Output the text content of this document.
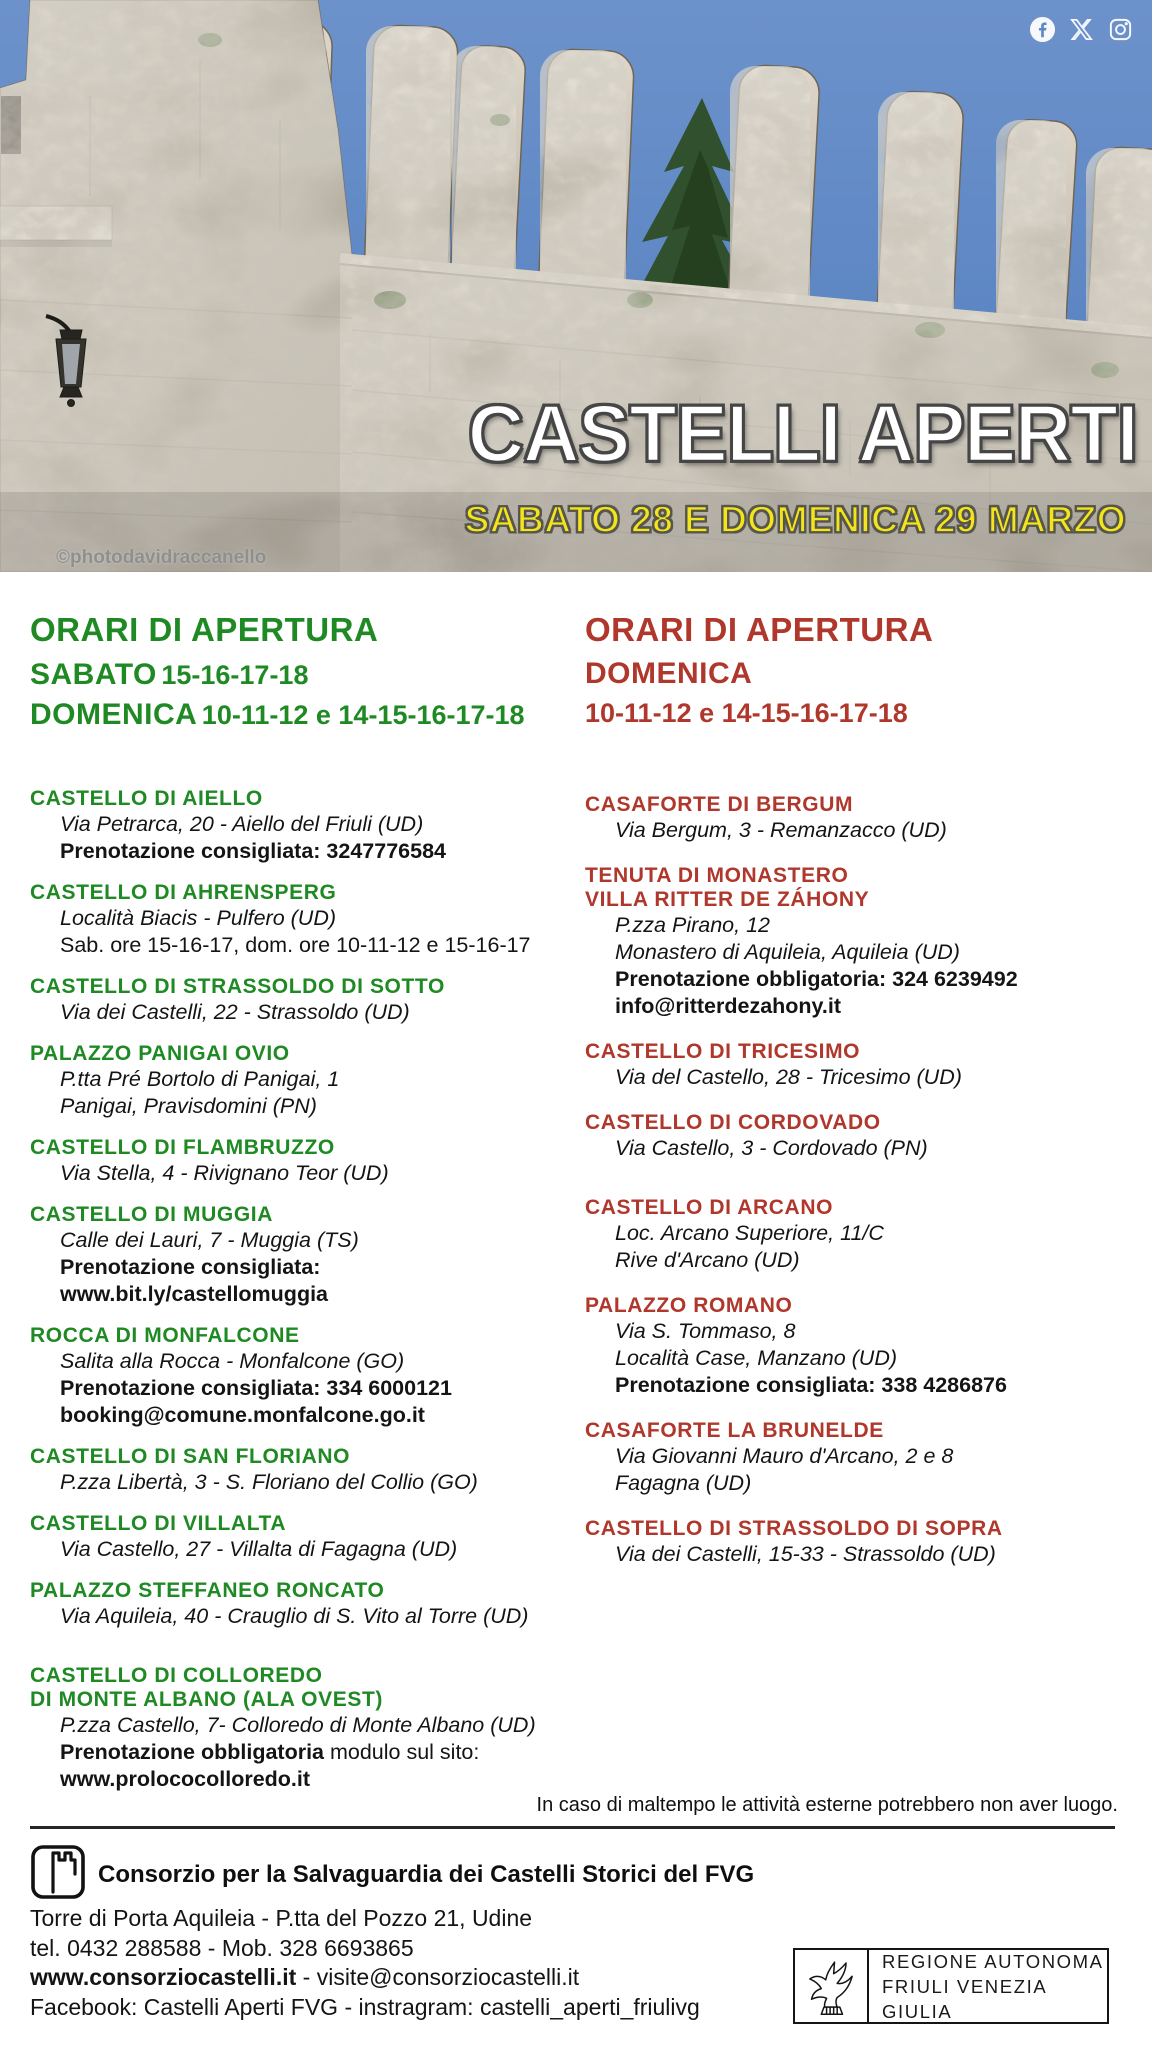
CASTELLI APERTI
SABATO 28 E DOMENICA 29 MARZO
©photodavidraccanello
ORARI DI APERTURA
SABATO 15-16-17-18
DOMENICA 10-11-12 e 14-15-16-17-18
CASTELLO DI AIELLO
Via Petrarca, 20 - Aiello del Friuli (UD)
Prenotazione consigliata: 3247776584
CASTELLO DI AHRENSPERG
Località Biacis - Pulfero (UD)
Sab. ore 15-16-17, dom. ore 10-11-12 e 15-16-17
CASTELLO DI STRASSOLDO DI SOTTO
Via dei Castelli, 22 - Strassoldo (UD)
PALAZZO PANIGAI OVIO
P.tta Pré Bortolo di Panigai, 1
Panigai, Pravisdomini (PN)
CASTELLO DI FLAMBRUZZO
Via Stella, 4 - Rivignano Teor (UD)
CASTELLO DI MUGGIA
Calle dei Lauri, 7 - Muggia (TS)
Prenotazione consigliata:
www.bit.ly/castellomuggia
ROCCA DI MONFALCONE
Salita alla Rocca - Monfalcone (GO)
Prenotazione consigliata: 334 6000121
booking@comune.monfalcone.go.it
CASTELLO DI SAN FLORIANO
P.zza Libertà, 3 - S. Floriano del Collio (GO)
CASTELLO DI VILLALTA
Via Castello, 27 - Villalta di Fagagna (UD)
PALAZZO STEFFANEO RONCATO
Via Aquileia, 40 - Crauglio di S. Vito al Torre (UD)
CASTELLO DI COLLOREDO
DI MONTE ALBANO (ALA OVEST)
P.zza Castello, 7- Colloredo di Monte Albano (UD)
Prenotazione obbligatoria modulo sul sito:
www.prolococolloredo.it
ORARI DI APERTURA
DOMENICA
10-11-12 e 14-15-16-17-18
CASAFORTE DI BERGUM
Via Bergum, 3 - Remanzacco (UD)
TENUTA DI MONASTERO
VILLA RITTER DE ZÁHONY
P.zza Pirano, 12
Monastero di Aquileia, Aquileia (UD)
Prenotazione obbligatoria: 324 6239492
info@ritterdezahony.it
CASTELLO DI TRICESIMO
Via del Castello, 28 - Tricesimo (UD)
CASTELLO DI CORDOVADO
Via Castello, 3 - Cordovado (PN)
CASTELLO DI ARCANO
Loc. Arcano Superiore, 11/C
Rive d'Arcano (UD)
PALAZZO ROMANO
Via S. Tommaso, 8
Località Case, Manzano (UD)
Prenotazione consigliata: 338 4286876
CASAFORTE LA BRUNELDE
Via Giovanni Mauro d'Arcano, 2 e 8
Fagagna (UD)
CASTELLO DI STRASSOLDO DI SOPRA
Via dei Castelli, 15-33 - Strassoldo (UD)
In caso di maltempo le attività esterne potrebbero non aver luogo.
Consorzio per la Salvaguardia dei Castelli Storici del FVG
Torre di Porta Aquileia - P.tta del Pozzo 21, Udine
tel. 0432 288588 - Mob. 328 6693865
www.consorziocastelli.it - visite@consorziocastelli.it
Facebook: Castelli Aperti FVG - instragram: castelli_aperti_friulivg
REGIONE AUTONOMA
FRIULI VENEZIA GIULIA
